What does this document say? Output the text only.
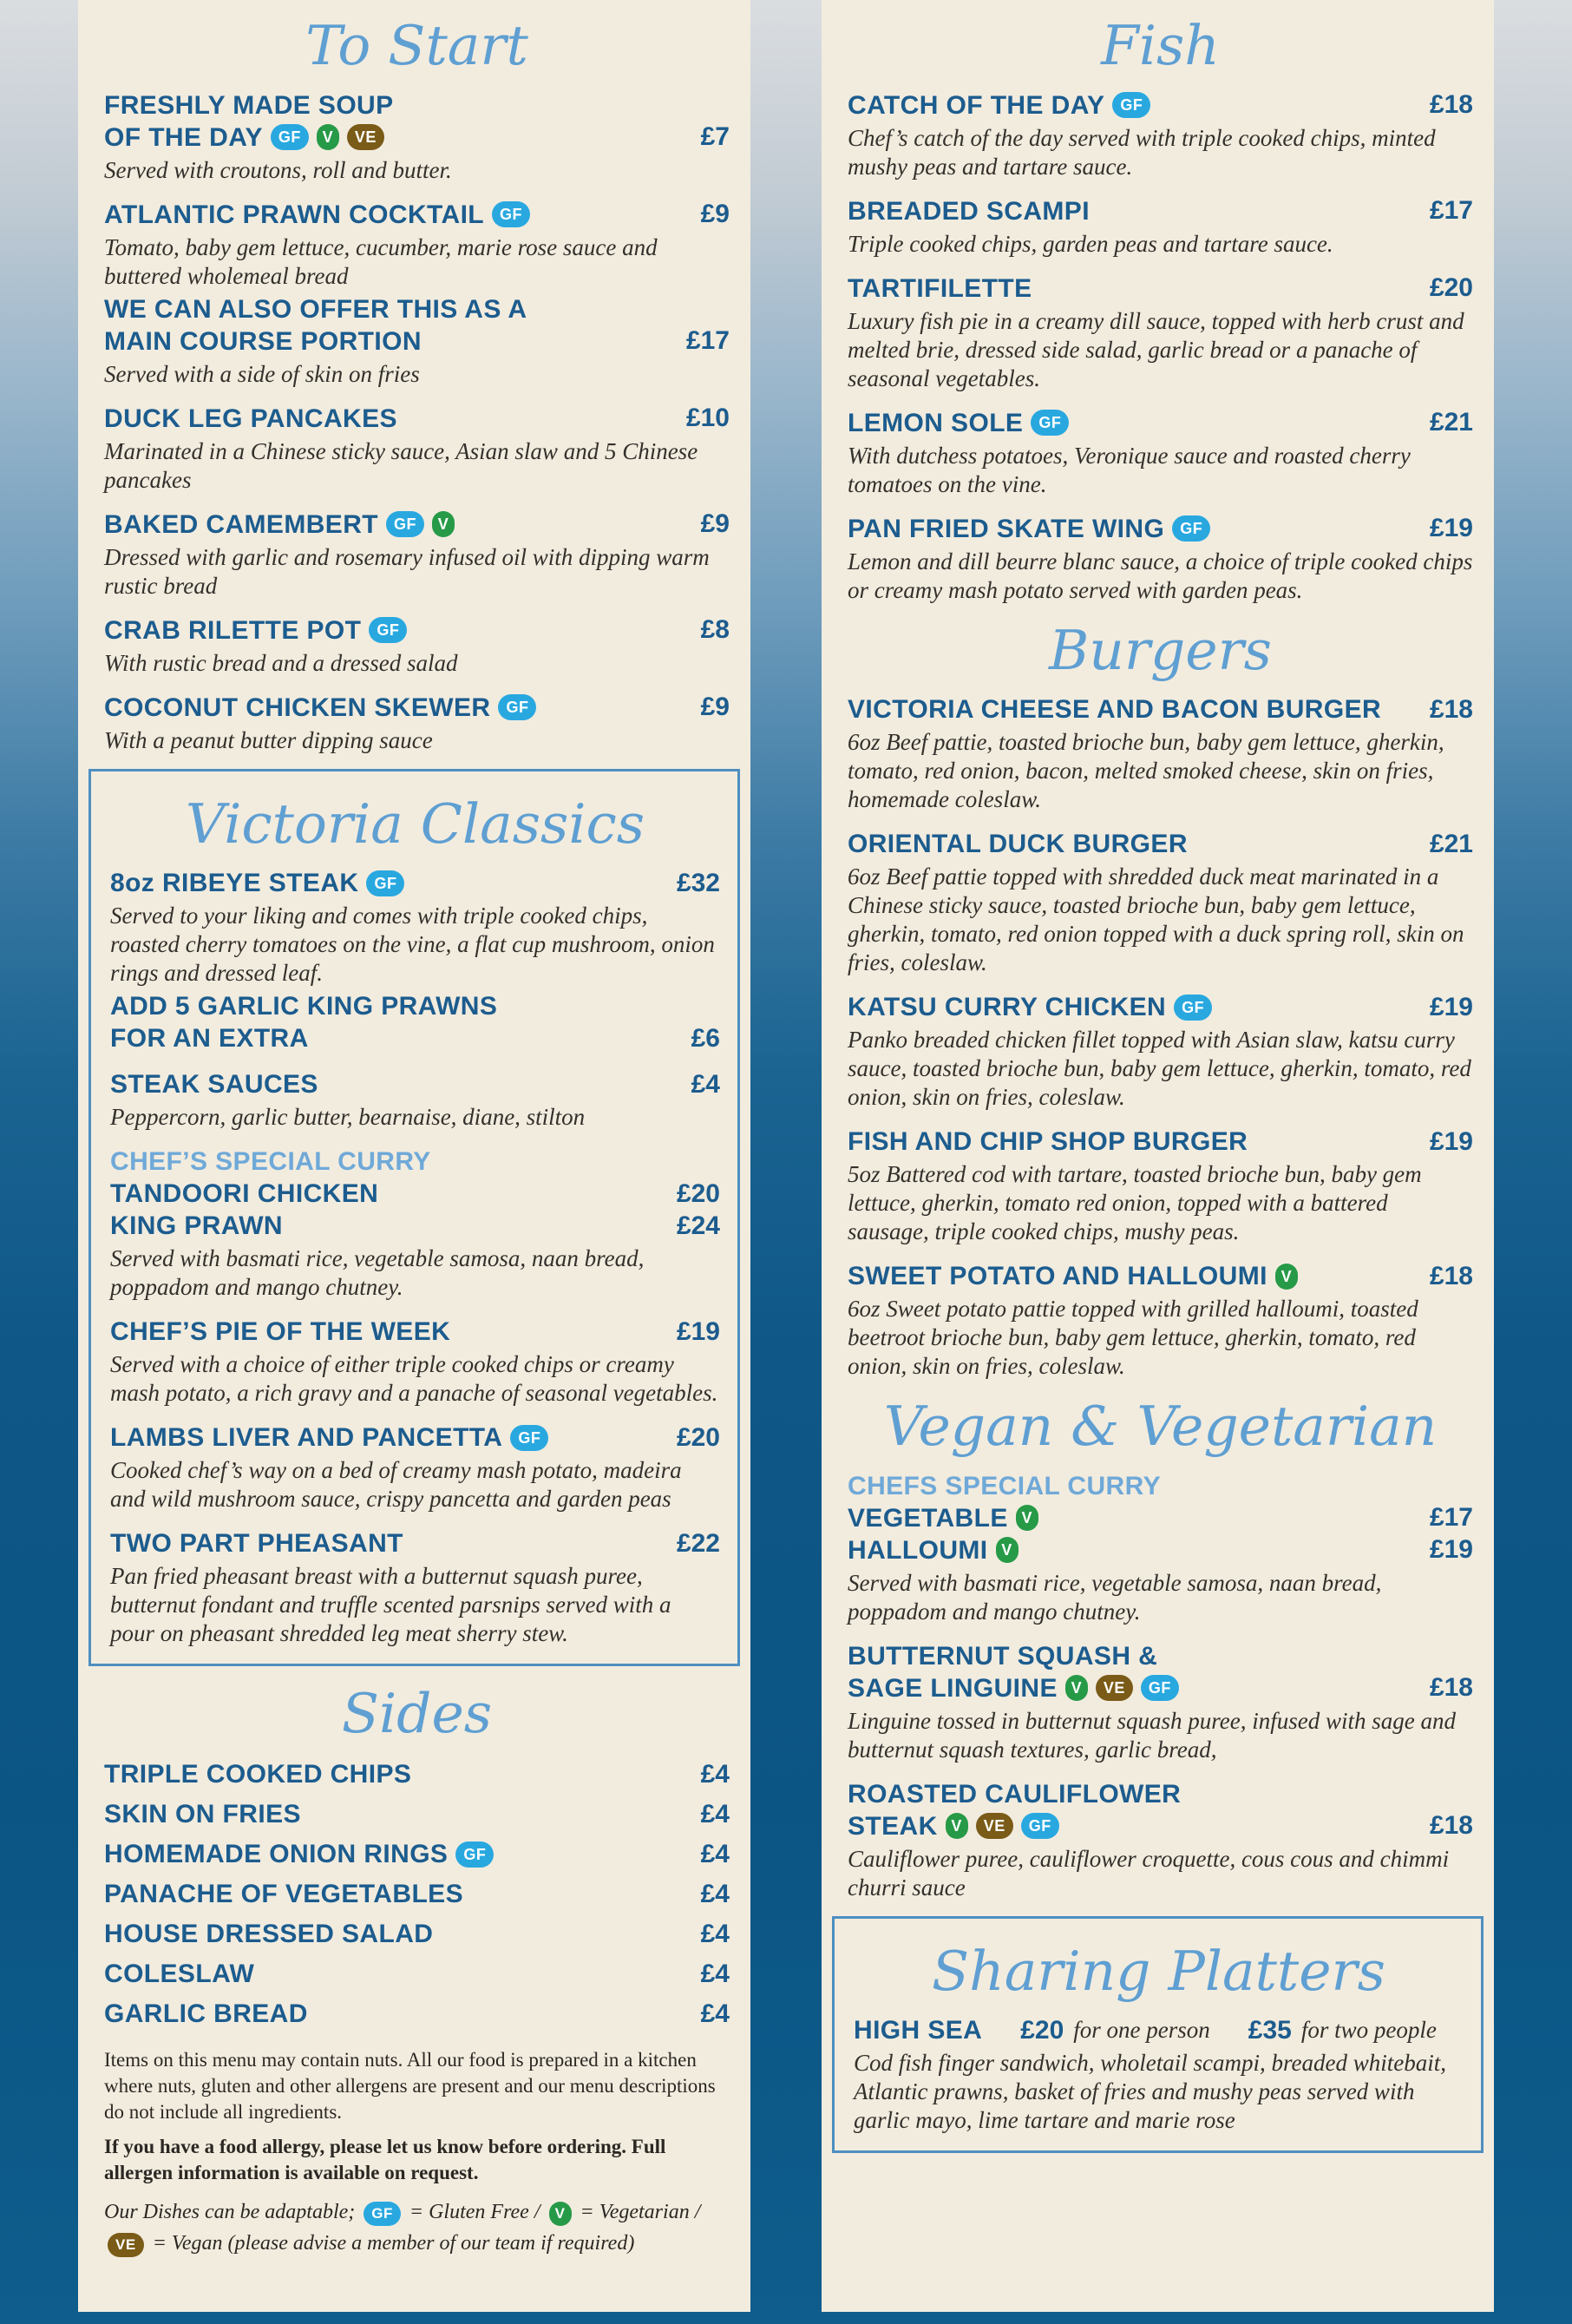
To Start
FRESHLY MADE SOUP
OF THE DAY	GF	V	VE	£7
Served with croutons, roll and butter.
ATLANTIC PRAWN COCKTAIL	GF	£9
Tomato, baby gem lettuce, cucumber, marie rose sauce and buttered wholemeal bread
WE CAN ALSO OFFER THIS AS A
MAIN COURSE PORTION	£17
Served with a side of skin on fries
DUCK LEG PANCAKES	£10
Marinated in a Chinese sticky sauce, Asian slaw and 5 Chinese pancakes
BAKED CAMEMBERT	GF	V	£9
Dressed with garlic and rosemary infused oil with dipping warm rustic bread
CRAB RILETTE POT	GF	£8
With rustic bread and a dressed salad
COCONUT CHICKEN SKEWER	GF	£9
With a peanut butter dipping sauce
Victoria Classics
8oz RIBEYE STEAK	GF	£32
Served to your liking and comes with triple cooked chips, roasted cherry tomatoes on the vine, a flat cup mushroom, onion rings and dressed leaf.
ADD 5 GARLIC KING PRAWNS
FOR AN EXTRA	£6
STEAK SAUCES	£4
Peppercorn, garlic butter, bearnaise, diane, stilton
CHEF’S SPECIAL CURRY
TANDOORI CHICKEN	£20
KING PRAWN	£24
Served with basmati rice, vegetable samosa, naan bread, poppadom and mango chutney.
CHEF’S PIE OF THE WEEK	£19
Served with a choice of either triple cooked chips or creamy mash potato, a rich gravy and a panache of seasonal vegetables.
LAMBS LIVER AND PANCETTA	GF	£20
Cooked chef’s way on a bed of creamy mash potato, madeira and wild mushroom sauce, crispy pancetta and garden peas
TWO PART PHEASANT	£22
Pan fried pheasant breast with a butternut squash puree, butternut fondant and truffle scented parsnips served with a pour on pheasant shredded leg meat sherry stew.
Sides
TRIPLE COOKED CHIPS	£4
SKIN ON FRIES	£4
HOMEMADE ONION RINGS	GF	£4
PANACHE OF VEGETABLES	£4
HOUSE DRESSED SALAD	£4
COLESLAW	£4
GARLIC BREAD	£4

Items on this menu may contain nuts. All our food is prepared in a kitchen where nuts, gluten and other allergens are present and our menu descriptions do not include all ingredients.

If you have a food allergy, please let us know before ordering. Full allergen information is available on request.

Our Dishes can be adaptable; GF = Gluten Free / V = Vegetarian / VE = Vegan (please advise a member of our team if required)

Fish
CATCH OF THE DAY	GF	£18
Chef’s catch of the day served with triple cooked chips, minted mushy peas and tartare sauce.
BREADED SCAMPI	£17
Triple cooked chips, garden peas and tartare sauce.
TARTIFILETTE	£20
Luxury fish pie in a creamy dill sauce, topped with herb crust and melted brie, dressed side salad, garlic bread or a panache of seasonal vegetables.
LEMON SOLE	GF	£21
With dutchess potatoes, Veronique sauce and roasted cherry tomatoes on the vine.
PAN FRIED SKATE WING	GF	£19
Lemon and dill beurre blanc sauce, a choice of triple cooked chips or creamy mash potato served with garden peas.
Burgers
VICTORIA CHEESE AND BACON BURGER £18
6oz Beef pattie, toasted brioche bun, baby gem lettuce, gherkin, tomato, red onion, bacon, melted smoked cheese, skin on fries, homemade coleslaw.
ORIENTAL DUCK BURGER	£21
6oz Beef pattie topped with shredded duck meat marinated in a Chinese sticky sauce, toasted brioche bun, baby gem lettuce, gherkin, tomato, red onion topped with a duck spring roll, skin on fries, coleslaw.
KATSU CURRY CHICKEN	GF	£19
Panko breaded chicken fillet topped with Asian slaw, katsu curry sauce, toasted brioche bun, baby gem lettuce, gherkin, tomato, red onion, skin on fries, coleslaw.
FISH AND CHIP SHOP BURGER	£19
5oz Battered cod with tartare, toasted brioche bun, baby gem lettuce, gherkin, tomato red onion, topped with a battered sausage, triple cooked chips, mushy peas.
SWEET POTATO AND HALLOUMI V	£18
6oz Sweet potato pattie topped with grilled halloumi, toasted beetroot brioche bun, baby gem lettuce, gherkin, tomato, red onion, skin on fries, coleslaw.
Vegan & Vegetarian
CHEFS SPECIAL CURRY
VEGETABLE V	£17
HALLOUMI V	£19
Served with basmati rice, vegetable samosa, naan bread, poppadom and mango chutney.
BUTTERNUT SQUASH &
SAGE LINGUINE V	VE	GF	£18
Linguine tossed in butternut squash puree, infused with sage and butternut squash textures, garlic bread,
ROASTED CAULIFLOWER
STEAK V	VE	GF	£18
Cauliflower puree, cauliflower croquette, cous cous and chimmi churri sauce
Sharing Platters
HIGH SEA £20 for one person £35 for two people
Cod fish finger sandwich, wholetail scampi, breaded whitebait, Atlantic prawns, basket of fries and mushy peas served with garlic mayo, lime tartare and marie rose
